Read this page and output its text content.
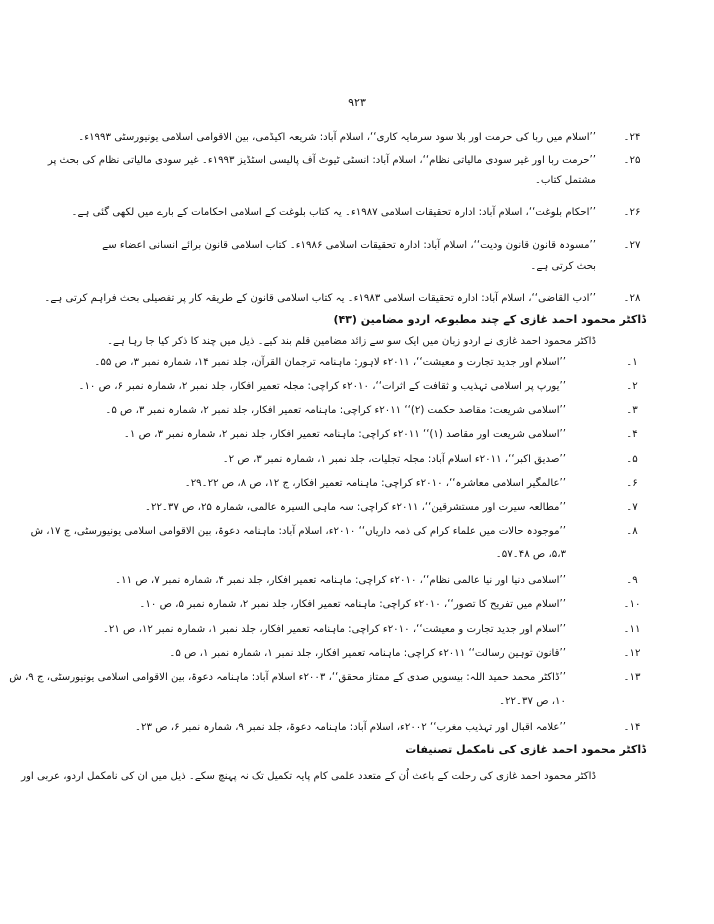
۹۲۳
۲۴۔
’’اسلام میں ربا کی حرمت اور بلا سود سرمایہ کاری‘‘، اسلام آباد: شریعہ اکیڈمی، بین الاقوامی اسلامی یونیورسٹی ۱۹۹۳ء۔
۲۵۔
’’حرمت ربا اور غیر سودی مالیاتی نظام‘‘، اسلام آباد: انسٹی ٹیوٹ آف پالیسی اسٹڈیز ۱۹۹۳ء۔ غیر سودی مالیاتی نظام کی بحث پر
مشتمل کتاب۔
۲۶۔
’’احکام بلوغت‘‘، اسلام آباد: ادارہ تحقیقات اسلامی ۱۹۸۷ء۔ یہ کتاب بلوغت کے اسلامی احکامات کے بارے میں لکھی گئی ہے۔
۲۷۔
’’مسودہ قانون قانون ودیت‘‘، اسلام آباد: ادارہ تحقیقات اسلامی ۱۹۸۶ء۔ کتاب اسلامی قانون برائے انسانی اعضاء سے
بحث کرتی ہے۔
۲۸۔
’’ادب القاضی‘‘، اسلام آباد: ادارہ تحقیقات اسلامی ۱۹۸۳ء۔ یہ کتاب اسلامی قانون کے طریقہ کار پر تفصیلی بحث فراہم کرتی ہے۔
ڈاکٹر محمود احمد غازی کے چند مطبوعہ اردو مضامین (۴۳)
ڈاکٹر محمود احمد غازی نے اردو زبان میں ایک سو سے زائد مضامین قلم بند کیے۔ ذیل میں چند کا ذکر کیا جا رہا ہے۔
۱۔
’’اسلام اور جدید تجارت و معیشت‘‘، ۲۰۱۱ء لاہور: ماہنامہ ترجمان القرآن، جلد نمبر ۱۴، شمارہ نمبر ۳، ص ۵۵۔
۲۔
’’یورپ پر اسلامی تہذیب و ثقافت کے اثرات‘‘، ۲۰۱۰ء کراچی: مجلہ تعمیر افکار، جلد نمبر ۲، شمارہ نمبر ۶، ص ۱۰۔
۳۔
’’اسلامی شریعت: مقاصد حکمت (۲)‘‘ ۲۰۱۱ء کراچی: ماہنامہ تعمیر افکار، جلد نمبر ۲، شمارہ نمبر ۳، ص ۵۔
۴۔
’’اسلامی شریعت اور مقاصد (۱)‘‘ ۲۰۱۱ء کراچی: ماہنامہ تعمیر افکار، جلد نمبر ۲، شمارہ نمبر ۳، ص ۱۔
۵۔
’’صدیق اکبر‘‘، ۲۰۱۱ء اسلام آباد: مجلہ تجلیات، جلد نمبر ۱، شمارہ نمبر ۳، ص ۲۔
۶۔
’’عالمگیر اسلامی معاشرہ‘‘، ۲۰۱۰ء کراچی: ماہنامہ تعمیر افکار، ج ۱۲، ص ۸، ص ۲۲۔۲۹۔
۷۔
’’مطالعہ سیرت اور مستشرقین‘‘، ۲۰۱۱ء کراچی: سہ ماہی السیرہ عالمی، شمارہ ۲۵، ص ۳۷۔۲۲۔
۸۔
’’موجودہ حالات میں علماء کرام کی ذمہ داریاں‘‘ ۲۰۱۰ء، اسلام آباد: ماہنامہ دعوۃ، بین الاقوامی اسلامی یونیورسٹی، ج ۱۷، ش
۵،۳، ص ۴۸۔۵۷۔
۹۔
’’اسلامی دنیا اور نیا عالمی نظام‘‘، ۲۰۱۰ء کراچی: ماہنامہ تعمیر افکار، جلد نمبر ۴، شمارہ نمبر ۷، ص ۱۱۔
۱۰۔
’’اسلام میں تفریح کا تصور‘‘، ۲۰۱۰ء کراچی: ماہنامہ تعمیر افکار، جلد نمبر ۲، شمارہ نمبر ۵، ص ۱۰۔
۱۱۔
’’اسلام اور جدید تجارت و معیشت‘‘، ۲۰۱۰ء کراچی: ماہنامہ تعمیر افکار، جلد نمبر ۱، شمارہ نمبر ۱۲، ص ۲۱۔
۱۲۔
’’قانون توہین رسالت‘‘ ۲۰۱۱ء کراچی: ماہنامہ تعمیر افکار، جلد نمبر ۱، شمارہ نمبر ۱، ص ۵۔
۱۳۔
’’ڈاکٹر محمد حمید اللہ: بیسویں صدی کے ممتاز محقق‘‘، ۲۰۰۳ء اسلام آباد: ماہنامہ دعوۃ، بین الاقوامی اسلامی یونیورسٹی، ج ۹، ش
۱۰، ص ۳۷۔۲۲۔
۱۴۔
’’علامہ اقبال اور تہذیب مغرب‘‘ ۲۰۰۲ء، اسلام آباد: ماہنامہ دعوۃ، جلد نمبر ۹، شمارہ نمبر ۶، ص ۲۳۔
ڈاکٹر محمود احمد غازی کی نامکمل تصنیفات
ڈاکٹر محمود احمد غازی کی رحلت کے باعث اُن کے متعدد علمی کام پایہ تکمیل تک نہ پہنچ سکے۔ ذیل میں ان کی نامکمل اردو، عربی اور
